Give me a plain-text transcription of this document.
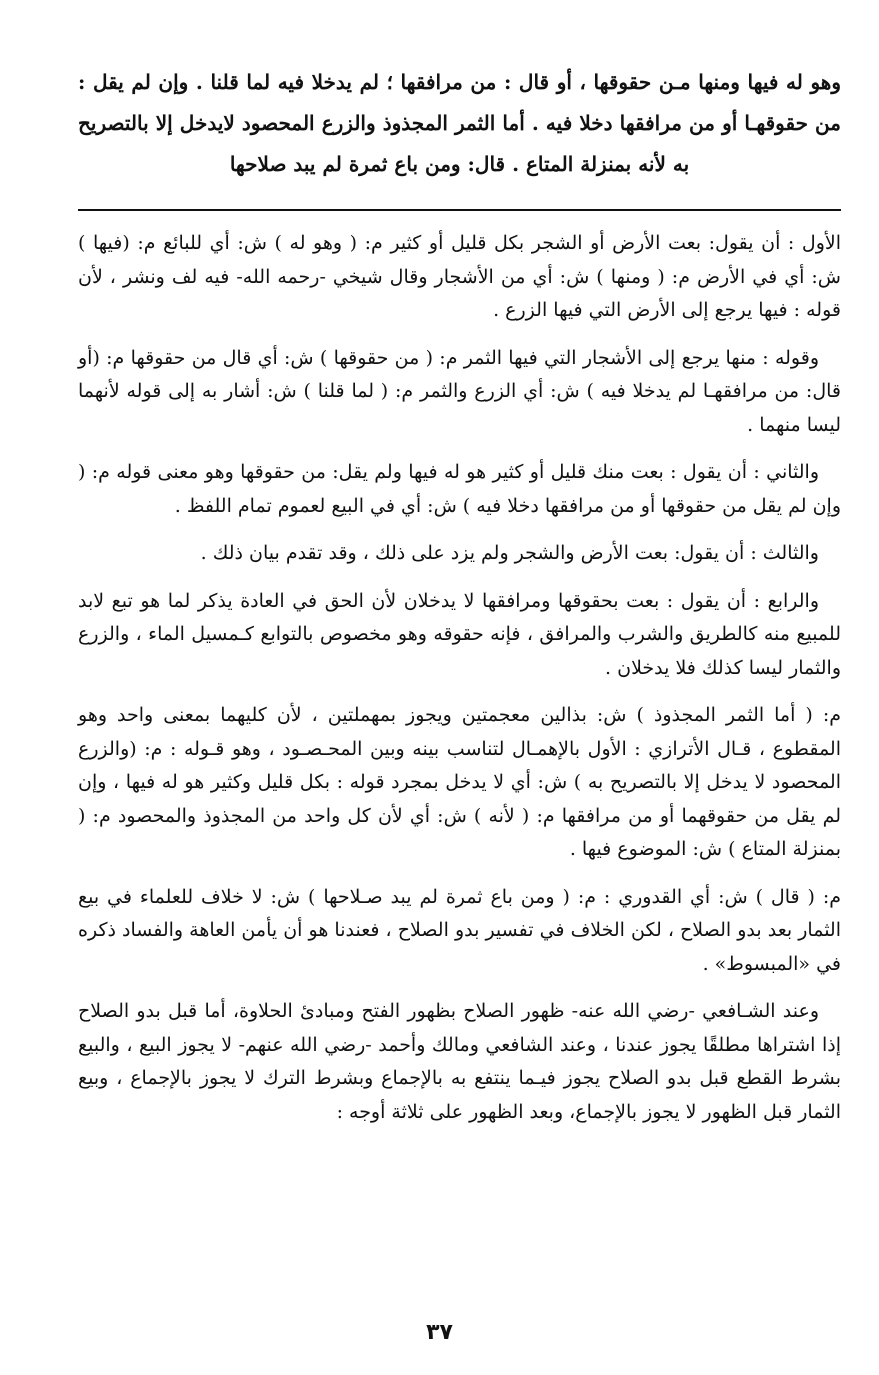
وهو له فيها ومنها مـن حقوقها ، أو قال : من مرافقها ؛ لم يدخلا فيه لما قلنا . وإن لم يقل : من حقوقهـا أو من مرافقها دخلا فيه . أما الثمر المجذوذ والزرع المحصود لايدخل إلا بالتصريح به لأنه بمنزلة المتاع . قال: ومن باع ثمرة لم يبد صلاحها

الأول : أن يقول: بعت الأرض أو الشجر بكل قليل أو كثير م: ( وهو له ) ش: أي للبائع م: (فيها ) ش: أي في الأرض م: ( ومنها ) ش: أي من الأشجار وقال شيخي -رحمه الله- فيه لف ونشر ، لأن قوله : فيها يرجع إلى الأرض التي فيها الزرع .

وقوله : منها يرجع إلى الأشجار التي فيها الثمر م: ( من حقوقها ) ش: أي قال من حقوقها م: (أو قال: من مرافقهـا لم يدخلا فيه ) ش: أي الزرع والثمر م: ( لما قلنا ) ش: أشار به إلى قوله لأنهما ليسا منهما .

والثاني : أن يقول : بعت منك قليل أو كثير هو له فيها ولم يقل: من حقوقها وهو معنى قوله م: ( وإن لم يقل من حقوقها أو من مرافقها دخلا فيه ) ش: أي في البيع لعموم تمام اللفظ .

والثالث : أن يقول: بعت الأرض والشجر ولم يزد على ذلك ، وقد تقدم بيان ذلك .

والرابع : أن يقول : بعت بحقوقها ومرافقها لا يدخلان لأن الحق في العادة يذكر لما هو تبع لابد للمبيع منه كالطريق والشرب والمرافق ، فإنه حقوقه وهو مخصوص بالتوابع كـمسيل الماء ، والزرع والثمار ليسا كذلك فلا يدخلان .

م: ( أما الثمر المجذوذ ) ش: بذالين معجمتين ويجوز بمهملتين ، لأن كليهما بمعنى واحد وهو المقطوع ، قـال الأترازي : الأول بالإهمـال لتناسب بينه وبين المحـصـود ، وهو قـوله : م: (والزرع المحصود لا يدخل إلا بالتصريح به ) ش: أي لا يدخل بمجرد قوله : بكل قليل وكثير هو له فيها ، وإن لم يقل من حقوقهما أو من مرافقها م: ( لأنه ) ش: أي لأن كل واحد من المجذوذ والمحصود م: ( بمنزلة المتاع ) ش: الموضوع فيها .

م: ( قال ) ش: أي القدوري : م: ( ومن باع ثمرة لم يبد صـلاحها ) ش: لا خلاف للعلماء في بيع الثمار بعد بدو الصلاح ، لكن الخلاف في تفسير بدو الصلاح ، فعندنا هو أن يأمن العاهة والفساد ذكره في «المبسوط» .

وعند الشـافعي -رضي الله عنه- ظهور الصلاح بظهور الفتح ومبادئ الحلاوة، أما قبل بدو الصلاح إذا اشتراها مطلقًا يجوز عندنا ، وعند الشافعي ومالك وأحمد -رضي الله عنهم- لا يجوز البيع ، والبيع بشرط القطع قبل بدو الصلاح يجوز فيـما ينتفع به بالإجماع وبشرط الترك لا يجوز بالإجماع ، وبيع الثمار قبل الظهور لا يجوز بالإجماع، وبعد الظهور على ثلاثة أوجه :

٣٧
